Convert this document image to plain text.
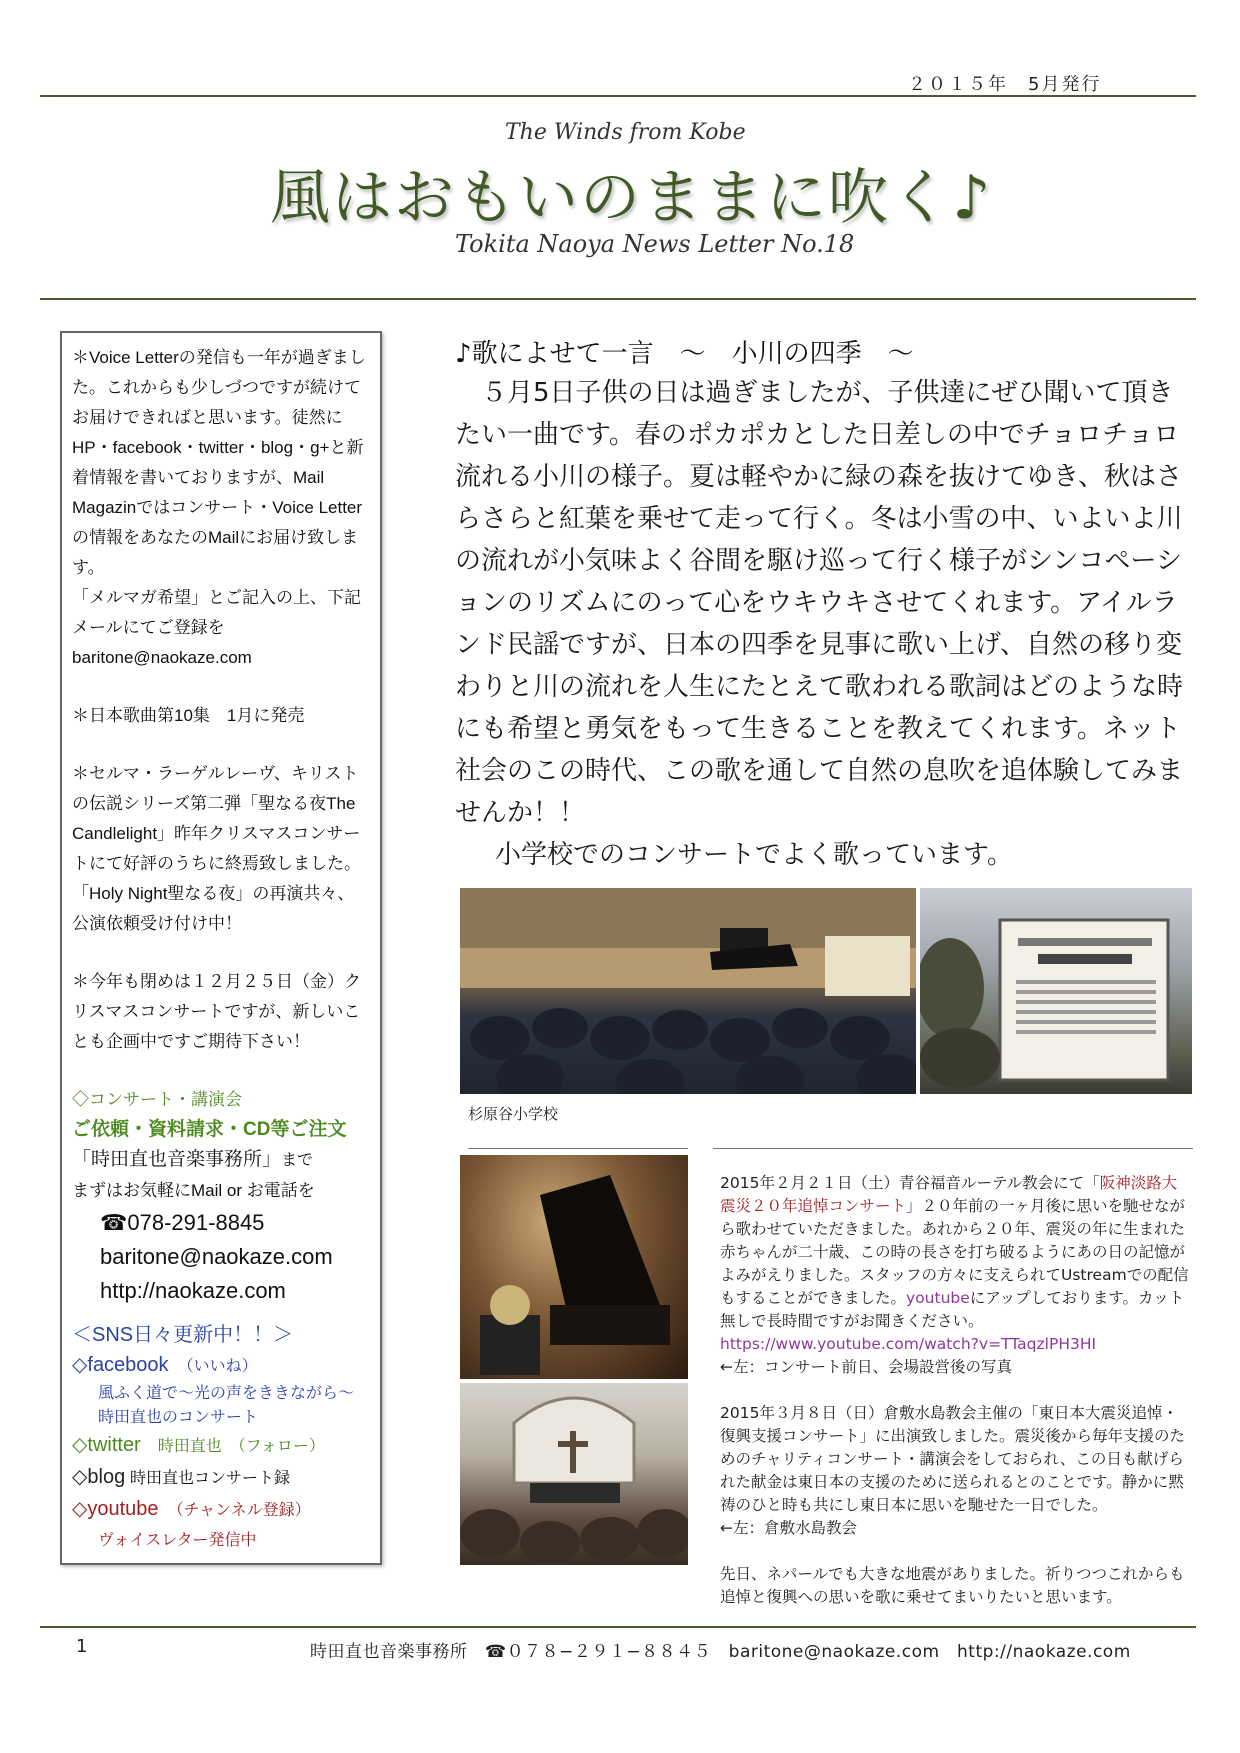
２０１５年　5月発行
The Winds from Kobe
風はおもいのままに吹く♪
Tokita Naoya News Letter No.18

＊Voice Letterの発信も一年が過ぎました。これからも少しづつですが続けてお届けできればと思います。徒然にHP・facebook・twitter・blog・g+と新着情報を書いておりますが、Mail Magazinではコンサート・Voice Letterの情報をあなたのMailにお届け致します。

「メルマガ希望」とご記入の上、下記メールにてご登録を

baritone@naokaze.com

＊日本歌曲第10集　1月に発売

＊セルマ・ラーゲルレーヴ、キリストの伝説シリーズ第二弾「聖なる夜The Candlelight」昨年クリスマスコンサートにて好評のうちに終焉致しました。「Holy Night聖なる夜」の再演共々、公演依頼受け付け中！

＊今年も閉めは１２月２５日（金）クリスマスコンサートですが、新しいことも企画中ですご期待下さい！

◇コンサート・講演会

ご依頼・資料請求・CD等ご注文

「時田直也音楽事務所」まで

まずはお気軽にMail or お電話を

☎078-291-8845

baritone@naokaze.com

http://naokaze.com

＜SNS日々更新中！！＞

◇facebook　 （いいね）

風ふく道で〜光の声をききながら〜

時田直也のコンサート

◇twitter　 時田直也　（フォロー）

◇blog 時田直也コンサート録

◇youtube　 （チャンネル登録）

ヴォイスレター発信中

♪歌によせて一言　〜　小川の四季　〜

５月5日子供の日は過ぎましたが、子供達にぜひ聞いて頂きたい一曲です。春のポカポカとした日差しの中でチョロチョロ流れる小川の様子。夏は軽やかに緑の森を抜けてゆき、秋はさらさらと紅葉を乗せて走って行く。冬は小雪の中、いよいよ川の流れが小気味よく谷間を駆け巡って行く様子がシンコペーションのリズムにのって心をウキウキさせてくれます。アイルランド民謡ですが、日本の四季を見事に歌い上げ、自然の移り変わりと川の流れを人生にたとえて歌われる歌詞はどのような時にも希望と勇気をもって生きることを教えてくれます。ネット社会のこの時代、この歌を通して自然の息吹を追体験してみませんか！！

小学校でのコンサートでよく歌っています。

杉原谷小学校

2015年２月２１日（土）青谷福音ルーテル教会にて「阪神淡路大震災２０年追悼コンサート」２０年前の一ヶ月後に思いを馳せながら歌わせていただきました。あれから２０年、震災の年に生まれた赤ちゃんが二十歳、この時の長さを打ち破るようにあの日の記憶がよみがえりました。スタッフの方々に支えられてUstreamでの配信もすることができました。youtubeにアップしております。カット無しで長時間ですがお聞きください。https://www.youtube.com/watch?v=TTaqzlPH3HI

←左：コンサート前日、会場設営後の写真

2015年３月８日（日）倉敷水島教会主催の「東日本大震災追悼・復興支援コンサート」に出演致しました。震災後から毎年支援のためのチャリティコンサート・講演会をしておられ、この日も献げられた献金は東日本の支援のために送られるとのことです。静かに黙祷のひと時も共にし東日本に思いを馳せた一日でした。

←左：倉敷水島教会

先日、ネパールでも大きな地震がありました。祈りつつこれからも追悼と復興への思いを歌に乗せてまいりたいと思います。

1	時田直也音楽事務所　☎０７８−２９１−８８４５　baritone@naokaze.com　http://naokaze.com
